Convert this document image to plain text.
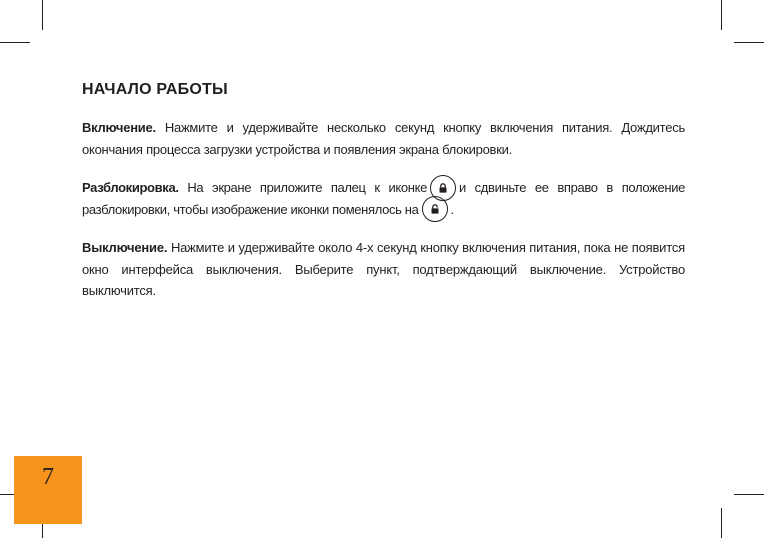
НАЧАЛО РАБОТЫ
Включение. Нажмите и удерживайте несколько секунд кнопку включения питания. Дождитесь окончания процесса загрузки устройства и появления экрана блокировки.
Разблокировка. На экране приложите палец к иконке и сдвиньте ее вправо в положение разблокировки, чтобы изображение иконки поменялось на .
Выключение. Нажмите и удерживайте около 4-х секунд кнопку включения питания, пока не появится окно интерфейса выключения. Выберите пункт, подтверждающий выключение. Устройство выключится.
7
